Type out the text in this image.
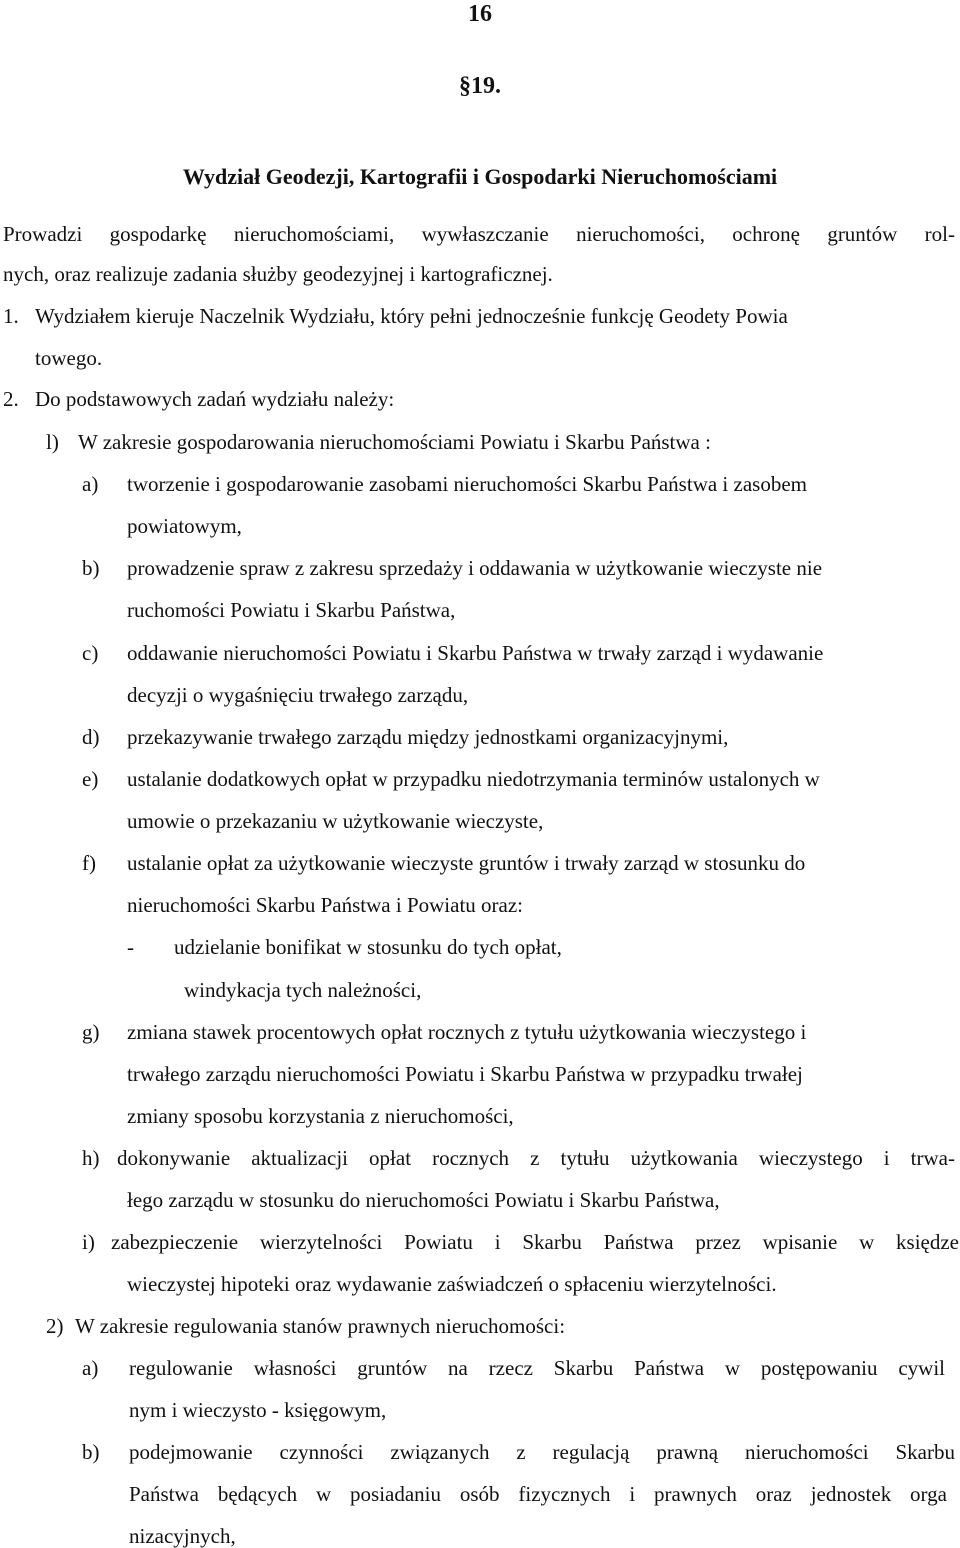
16
§19.
Wydział Geodezji, Kartografii i Gospodarki Nieruchomościami
Prowadzi gospodarkę nieruchomościami, wywłaszczanie nieruchomości, ochronę gruntów rol-
nych, oraz realizuje zadania służby geodezyjnej i kartograficznej.
1. Wydziałem kieruje Naczelnik Wydziału, który pełni jednocześnie funkcję Geodety Powia
towego.
2. Do podstawowych zadań wydziału należy:
l) W zakresie gospodarowania nieruchomościami Powiatu i Skarbu Państwa :
a) tworzenie i gospodarowanie zasobami nieruchomości Skarbu Państwa i zasobem
powiatowym,
b) prowadzenie spraw z zakresu sprzedaży i oddawania w użytkowanie wieczyste nie
ruchomości Powiatu i Skarbu Państwa,
c) oddawanie nieruchomości Powiatu i Skarbu Państwa w trwały zarząd i wydawanie
decyzji o wygaśnięciu trwałego zarządu,
d) przekazywanie trwałego zarządu między jednostkami organizacyjnymi,
e) ustalanie dodatkowych opłat w przypadku niedotrzymania terminów ustalonych w
umowie o przekazaniu w użytkowanie wieczyste,
f) ustalanie opłat za użytkowanie wieczyste gruntów i trwały zarząd w stosunku do
nieruchomości Skarbu Państwa i Powiatu oraz:
- udzielanie bonifikat w stosunku do tych opłat,
windykacja tych należności,
g) zmiana stawek procentowych opłat rocznych z tytułu użytkowania wieczystego i
trwałego zarządu nieruchomości Powiatu i Skarbu Państwa w przypadku trwałej
zmiany sposobu korzystania z nieruchomości,
h) dokonywanie aktualizacji opłat rocznych z tytułu użytkowania wieczystego i trwa-
łego zarządu w stosunku do nieruchomości Powiatu i Skarbu Państwa,
i) zabezpieczenie wierzytelności Powiatu i Skarbu Państwa przez wpisanie w księdze
wieczystej hipoteki oraz wydawanie zaświadczeń o spłaceniu wierzytelności.
2) W zakresie regulowania stanów prawnych nieruchomości:
a) regulowanie własności gruntów na rzecz Skarbu Państwa w postępowaniu cywil
nym i wieczysto - księgowym,
b) podejmowanie czynności związanych z regulacją prawną nieruchomości Skarbu
Państwa będących w posiadaniu osób fizycznych i prawnych oraz jednostek orga
nizacyjnych,
